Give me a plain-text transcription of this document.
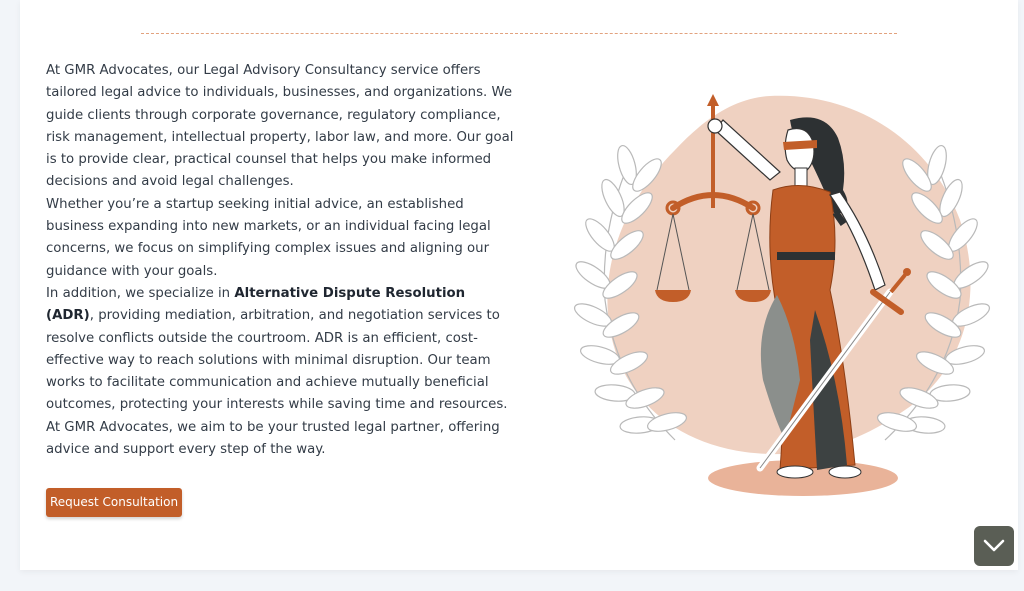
At GMR Advocates, our Legal Advisory Consultancy service offers tailored legal advice to individuals, businesses, and organizations. We guide clients through corporate governance, regulatory compliance, risk management, intellectual property, labor law, and more. Our goal is to provide clear, practical counsel that helps you make informed decisions and avoid legal challenges.

Whether you’re a startup seeking initial advice, an established business expanding into new markets, or an individual facing legal concerns, we focus on simplifying complex issues and aligning our guidance with your goals.

In addition, we specialize in Alternative Dispute Resolution (ADR), providing mediation, arbitration, and negotiation services to resolve conflicts outside the courtroom. ADR is an efficient, cost-effective way to reach solutions with minimal disruption. Our team works to facilitate communication and achieve mutually beneficial outcomes, protecting your interests while saving time and resources.

At GMR Advocates, we aim to be your trusted legal partner, offering advice and support every step of the way.

Request Consultation
